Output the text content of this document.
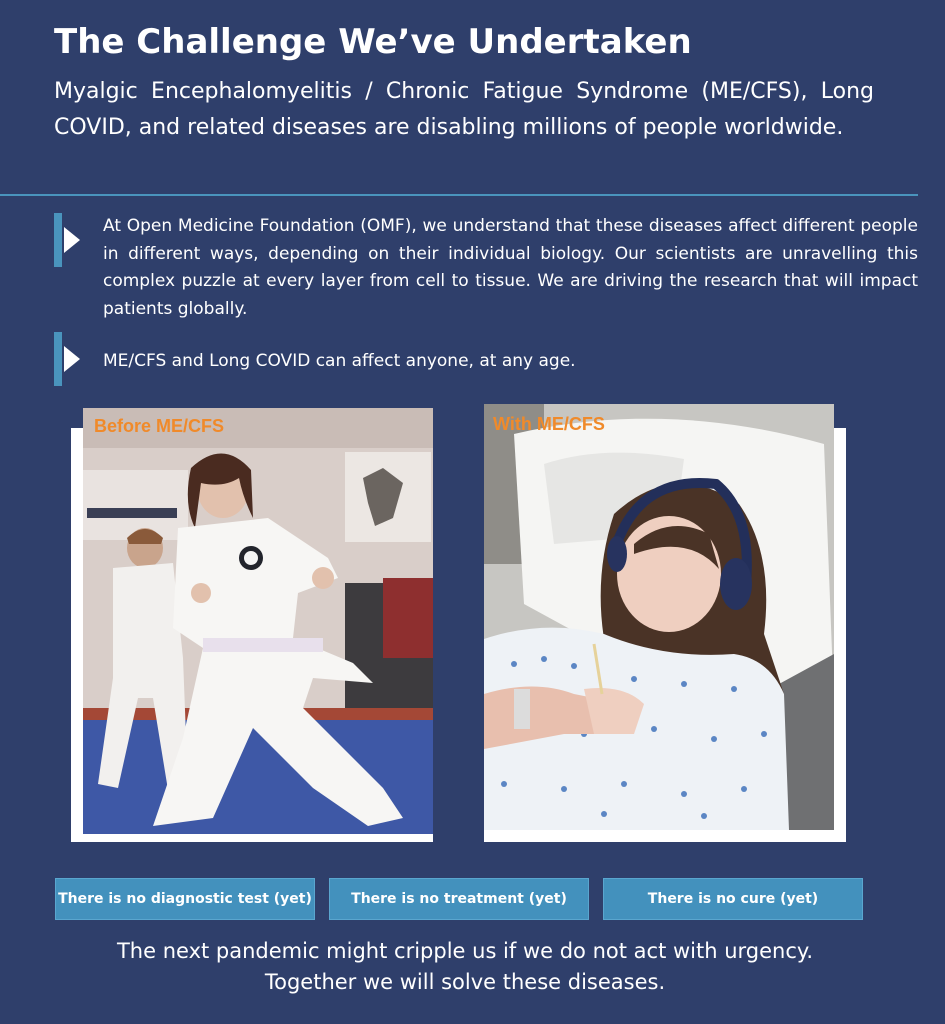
The Challenge We’ve Undertaken
Myalgic Encephalomyelitis / Chronic Fatigue Syndrome (ME/CFS), Long COVID, and related diseases are disabling millions of people worldwide.
At Open Medicine Foundation (OMF), we understand that these diseases affect different people in different ways, depending on their individual biology. Our scientists are unravelling this complex puzzle at every layer from cell to tissue. We are driving the research that will impact patients globally.
ME/CFS and Long COVID can affect anyone, at any age.
Before ME/CFS	With ME/CFS
There is no diagnostic test (yet)	There is no treatment (yet)	There is no cure (yet)
The next pandemic might cripple us if we do not act with urgency.
Together we will solve these diseases.
